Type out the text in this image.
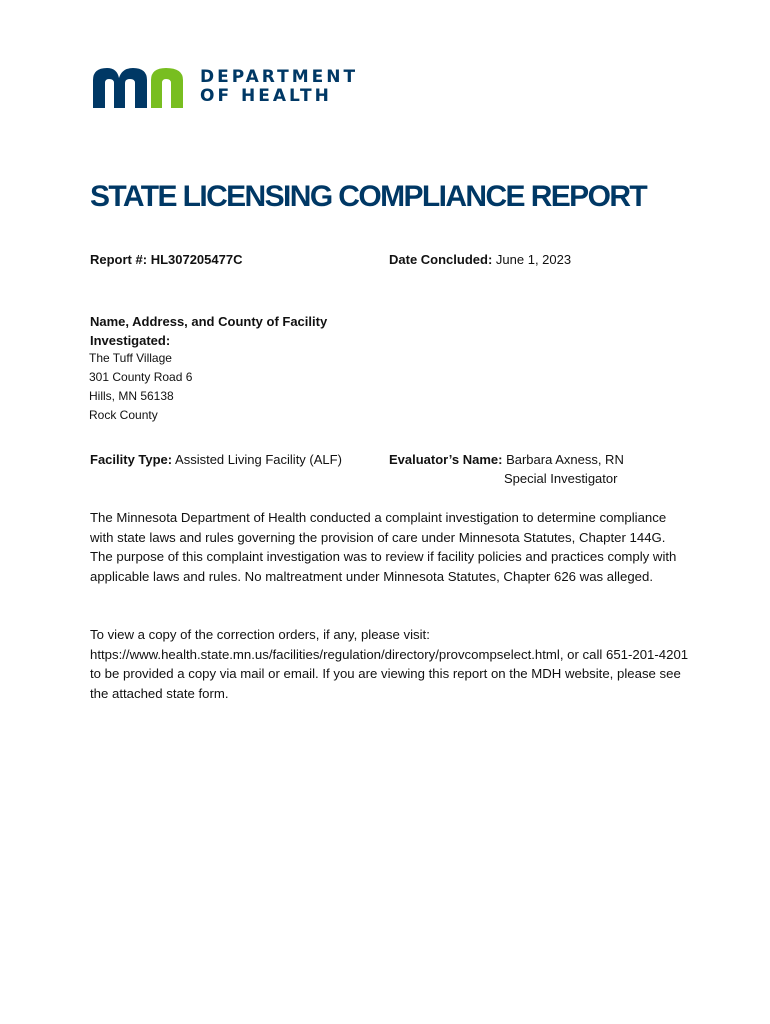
DEPARTMENT
OF HEALTH
STATE LICENSING COMPLIANCE REPORT
Report #: HL307205477C	Date Concluded: June 1, 2023
Name, Address, and County of Facility
Investigated:
The Tuff Village
301 County Road 6
Hills, MN 56138
Rock County
Facility Type: Assisted Living Facility (ALF)	Evaluator’s Name: Barbara Axness, RN
Special Investigator
The Minnesota Department of Health conducted a complaint investigation to determine compliance with state laws and rules governing the provision of care under Minnesota Statutes, Chapter 144G. The purpose of this complaint investigation was to review if facility policies and practices comply with applicable laws and rules. No maltreatment under Minnesota Statutes, Chapter 626 was alleged.
To view a copy of the correction orders, if any, please visit: https://www.health.state.mn.us/facilities/regulation/directory/provcompselect.html, or call 651-201-4201 to be provided a copy via mail or email. If you are viewing this report on the MDH website, please see the attached state form.
